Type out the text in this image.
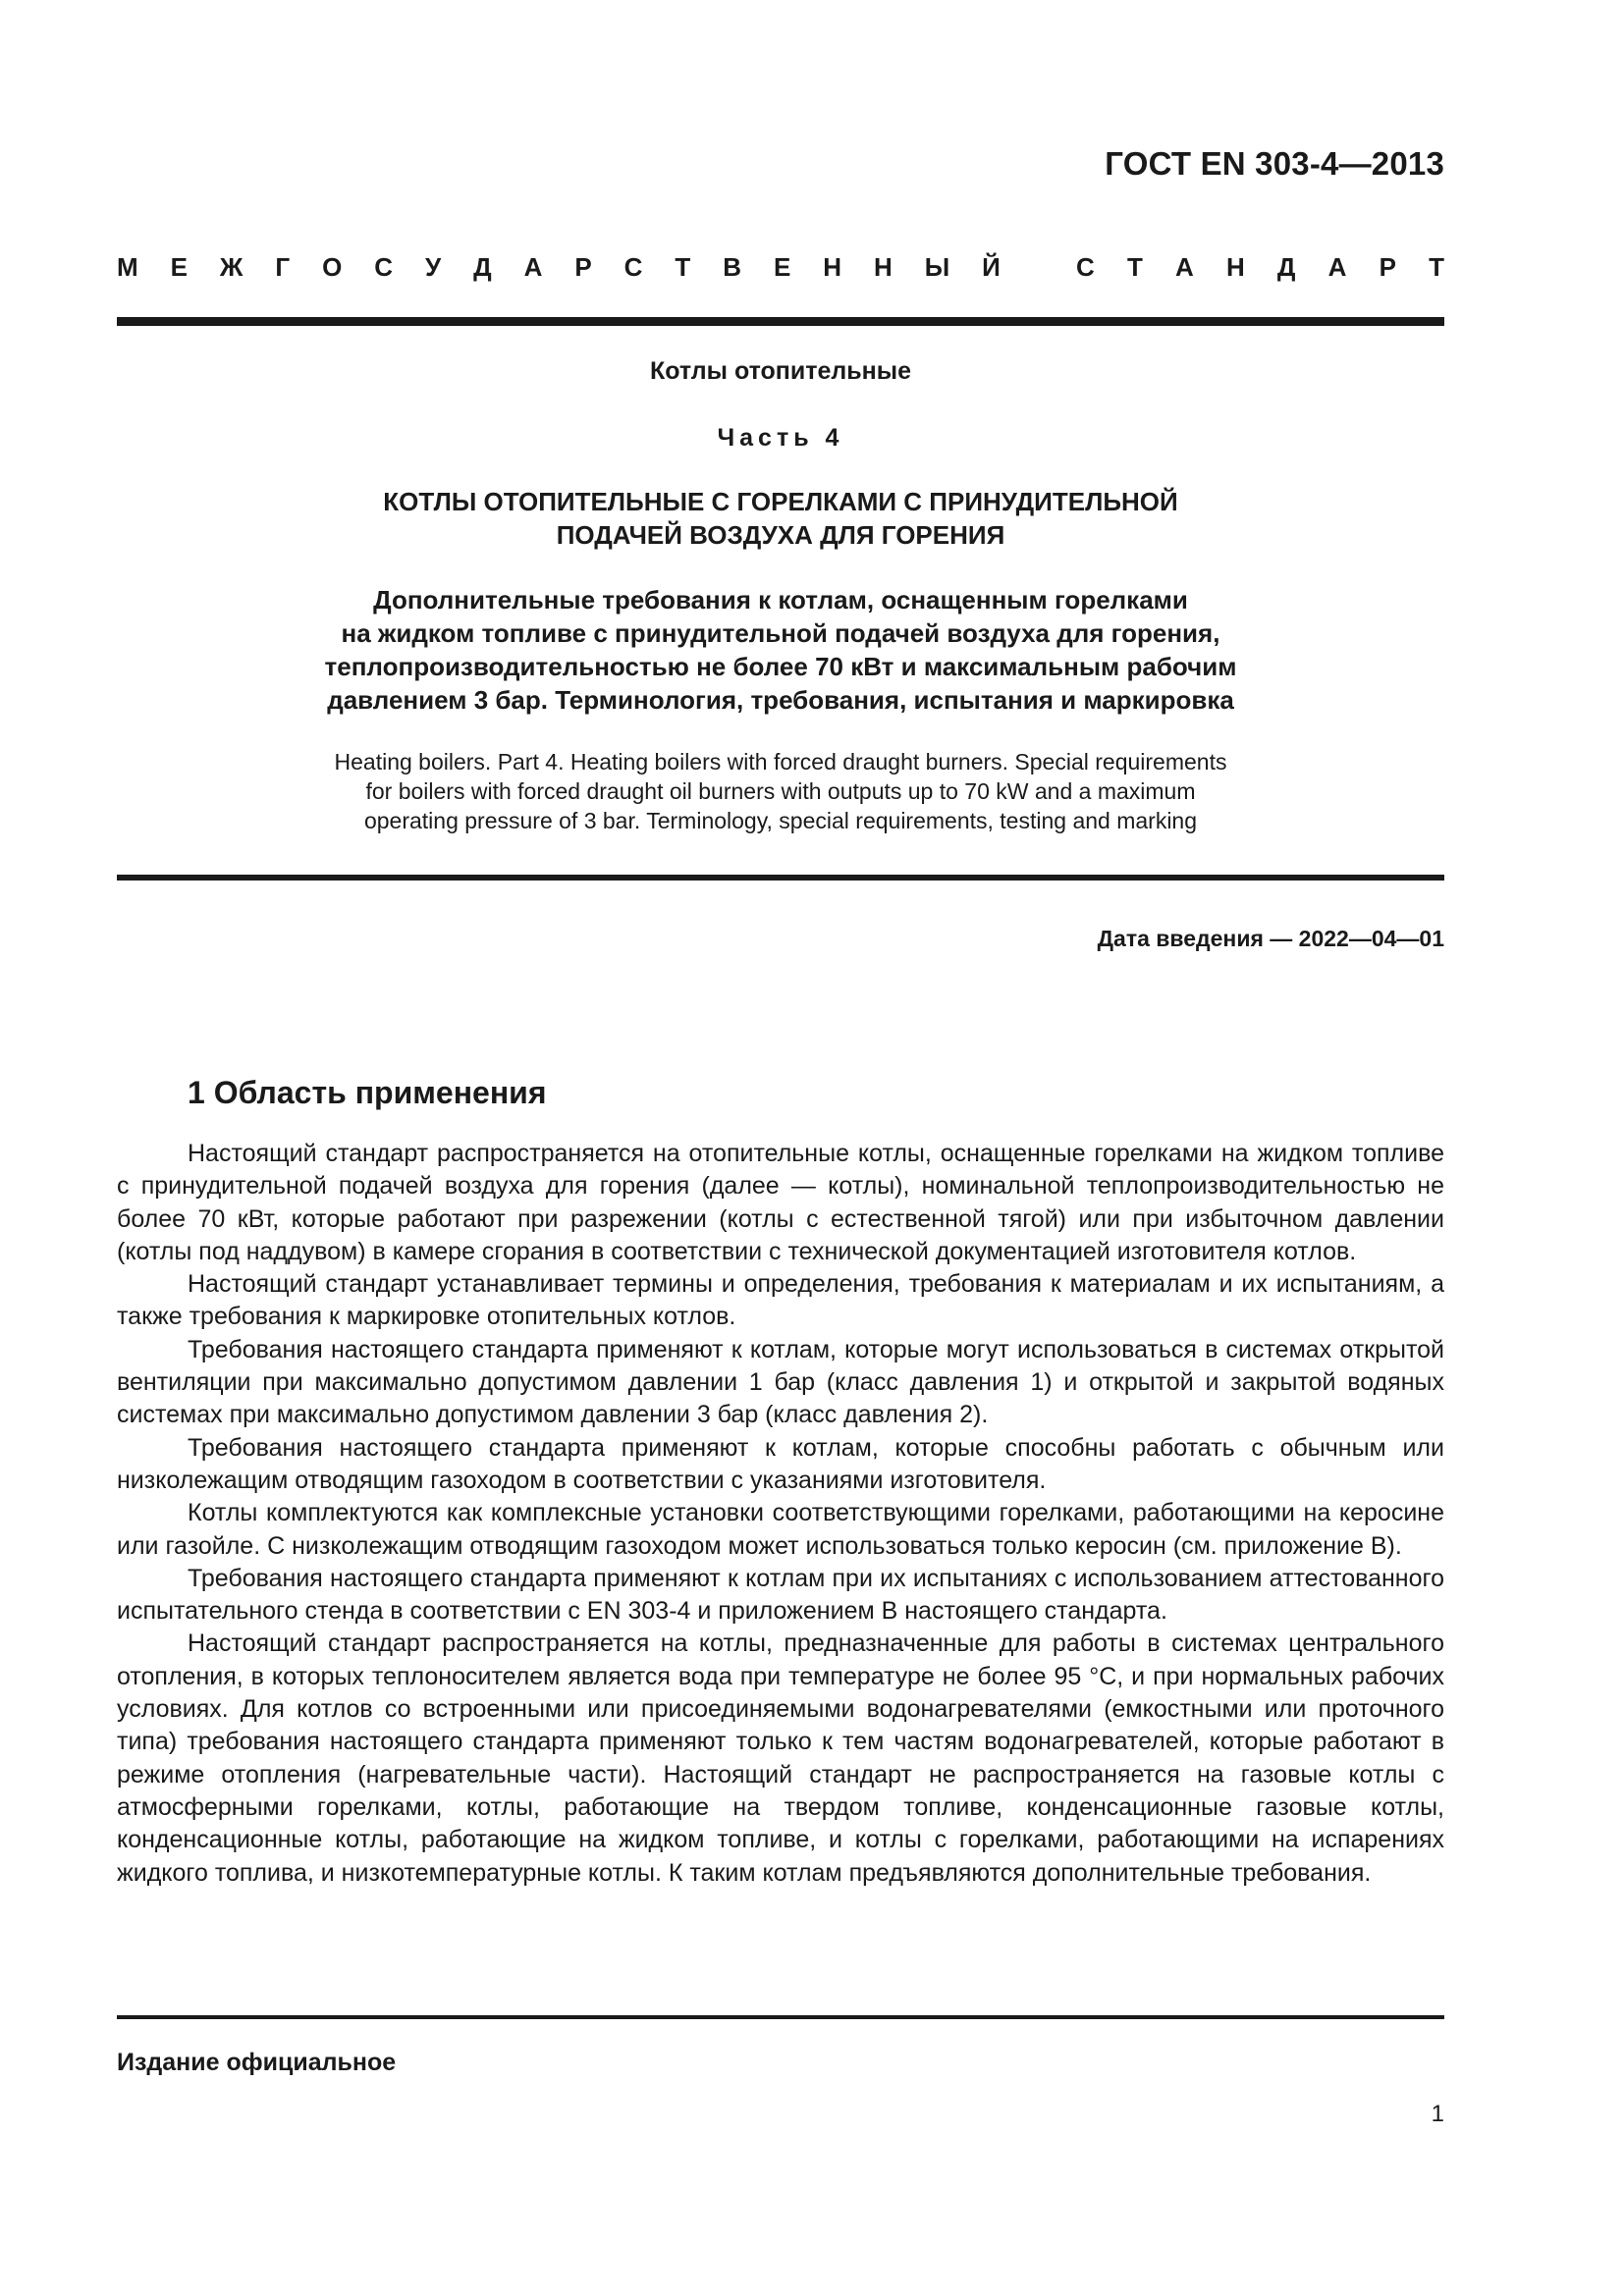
ГОСТ EN 303-4—2013
М Е Ж Г О С У Д А Р С Т В Е Н Н Ы Й	С Т А Н Д А Р Т
Котлы отопительные
Часть 4
КОТЛЫ ОТОПИТЕЛЬНЫЕ С ГОРЕЛКАМИ С ПРИНУДИТЕЛЬНОЙ
ПОДАЧЕЙ ВОЗДУХА ДЛЯ ГОРЕНИЯ
Дополнительные требования к котлам, оснащенным горелками
на жидком топливе с принудительной подачей воздуха для горения,
теплопроизводительностью не более 70 кВт и максимальным рабочим
давлением 3 бар. Терминология, требования, испытания и маркировка
Heating boilers. Part 4. Heating boilers with forced draught burners. Special requirements
for boilers with forced draught oil burners with outputs up to 70 kW and a maximum
operating pressure of 3 bar. Terminology, special requirements, testing and marking
Дата введения — 2022—04—01
1 Область применения

Настоящий стандарт распространяется на отопительные котлы, оснащенные горелками на жидком топливе с принудительной подачей воздуха для горения (далее — котлы), номинальной теплопроизводительностью не более 70 кВт, которые работают при разрежении (котлы с естественной тягой) или при избыточном давлении (котлы под наддувом) в камере сгорания в соответствии с технической документацией изготовителя котлов.

Настоящий стандарт устанавливает термины и определения, требования к материалам и их испытаниям, а также требования к маркировке отопительных котлов.

Требования настоящего стандарта применяют к котлам, которые могут использоваться в системах открытой вентиляции при максимально допустимом давлении 1 бар (класс давления 1) и открытой и закрытой водяных системах при максимально допустимом давлении 3 бар (класс давления 2).

Требования настоящего стандарта применяют к котлам, которые способны работать с обычным или низколежащим отводящим газоходом в соответствии с указаниями изготовителя.

Котлы комплектуются как комплексные установки соответствующими горелками, работающими на керосине или газойле. С низколежащим отводящим газоходом может использоваться только керосин (см. приложение B).

Требования настоящего стандарта применяют к котлам при их испытаниях с использованием аттестованного испытательного стенда в соответствии с EN 303-4 и приложением B настоящего стандарта.

Настоящий стандарт распространяется на котлы, предназначенные для работы в системах центрального отопления, в которых теплоносителем является вода при температуре не более 95 °C, и при нормальных рабочих условиях. Для котлов со встроенными или присоединяемыми водонагревателями (емкостными или проточного типа) требования настоящего стандарта применяют только к тем частям водонагревателей, которые работают в режиме отопления (нагревательные части). Настоящий стандарт не распространяется на газовые котлы с атмосферными горелками, котлы, работающие на твердом топливе, конденсационные газовые котлы, конденсационные котлы, работающие на жидком топливе, и котлы с горелками, работающими на испарениях жидкого топлива, и низкотемпературные котлы. К таким котлам предъявляются дополнительные требования.

Издание официальное
1
